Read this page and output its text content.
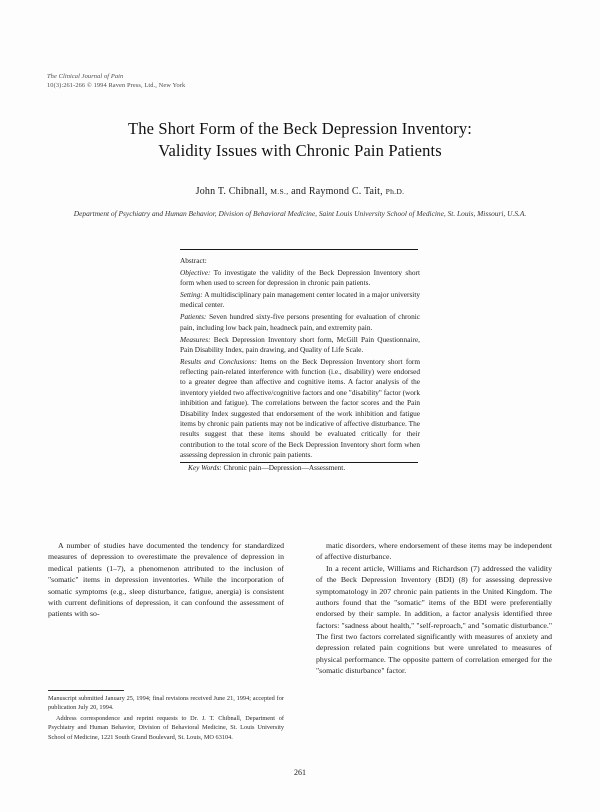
The Clinical Journal of Pain
10(3):261-266 © 1994 Raven Press, Ltd., New York
The Short Form of the Beck Depression Inventory:
Validity Issues with Chronic Pain Patients
John T. Chibnall, M.S., and Raymond C. Tait, Ph.D.
Department of Psychiatry and Human Behavior, Division of Behavioral Medicine, Saint Louis University School of Medicine, St. Louis, Missouri, U.S.A.

Abstract:

Objective: To investigate the validity of the Beck Depression Inventory short form when used to screen for depression in chronic pain patients.

Setting: A multidisciplinary pain management center located in a major university medical center.

Patients: Seven hundred sixty-five persons presenting for evaluation of chronic pain, including low back pain, headneck pain, and extremity pain.

Measures: Beck Depression Inventory short form, McGill Pain Questionnaire, Pain Disability Index, pain drawing, and Quality of Life Scale.

Results and Conclusions: Items on the Beck Depression Inventory short form reflecting pain-related interference with function (i.e., disability) were endorsed to a greater degree than affective and cognitive items. A factor analysis of the inventory yielded two affective/cognitive factors and one "disability" factor (work inhibition and fatigue). The correlations between the factor scores and the Pain Disability Index suggested that endorsement of the work inhibition and fatigue items by chronic pain patients may not be indicative of affective disturbance. The results suggest that these items should be evaluated critically for their contribution to the total score of the Beck Depression Inventory short form when assessing depression in chronic pain patients.

Key Words: Chronic pain—Depression—Assessment.

A number of studies have documented the tendency for standardized measures of depression to overestimate the prevalence of depression in medical patients (1–7), a phenomenon attributed to the inclusion of "somatic" items in depression inventories. While the incorporation of somatic symptoms (e.g., sleep disturbance, fatigue, anergia) is consistent with current definitions of depression, it can confound the assessment of patients with so-

matic disorders, where endorsement of these items may be independent of affective disturbance.

In a recent article, Williams and Richardson (7) addressed the validity of the Beck Depression Inventory (BDI) (8) for assessing depressive symptomatology in 207 chronic pain patients in the United Kingdom. The authors found that the "somatic" items of the BDI were preferentially endorsed by their sample. In addition, a factor analysis identified three factors: "sadness about health," "self-reproach," and "somatic disturbance." The first two factors correlated significantly with measures of anxiety and depression related pain cognitions but were unrelated to measures of physical performance. The opposite pattern of correlation emerged for the "somatic disturbance" factor.

Manuscript submitted January 25, 1994; final revisions received June 21, 1994; accepted for publication July 20, 1994.

Address correspondence and reprint requests to Dr. J. T. Chibnall, Department of Psychiatry and Human Behavior, Division of Behavioral Medicine, St. Louis University School of Medicine, 1221 South Grand Boulevard, St. Louis, MO 63104.

261
